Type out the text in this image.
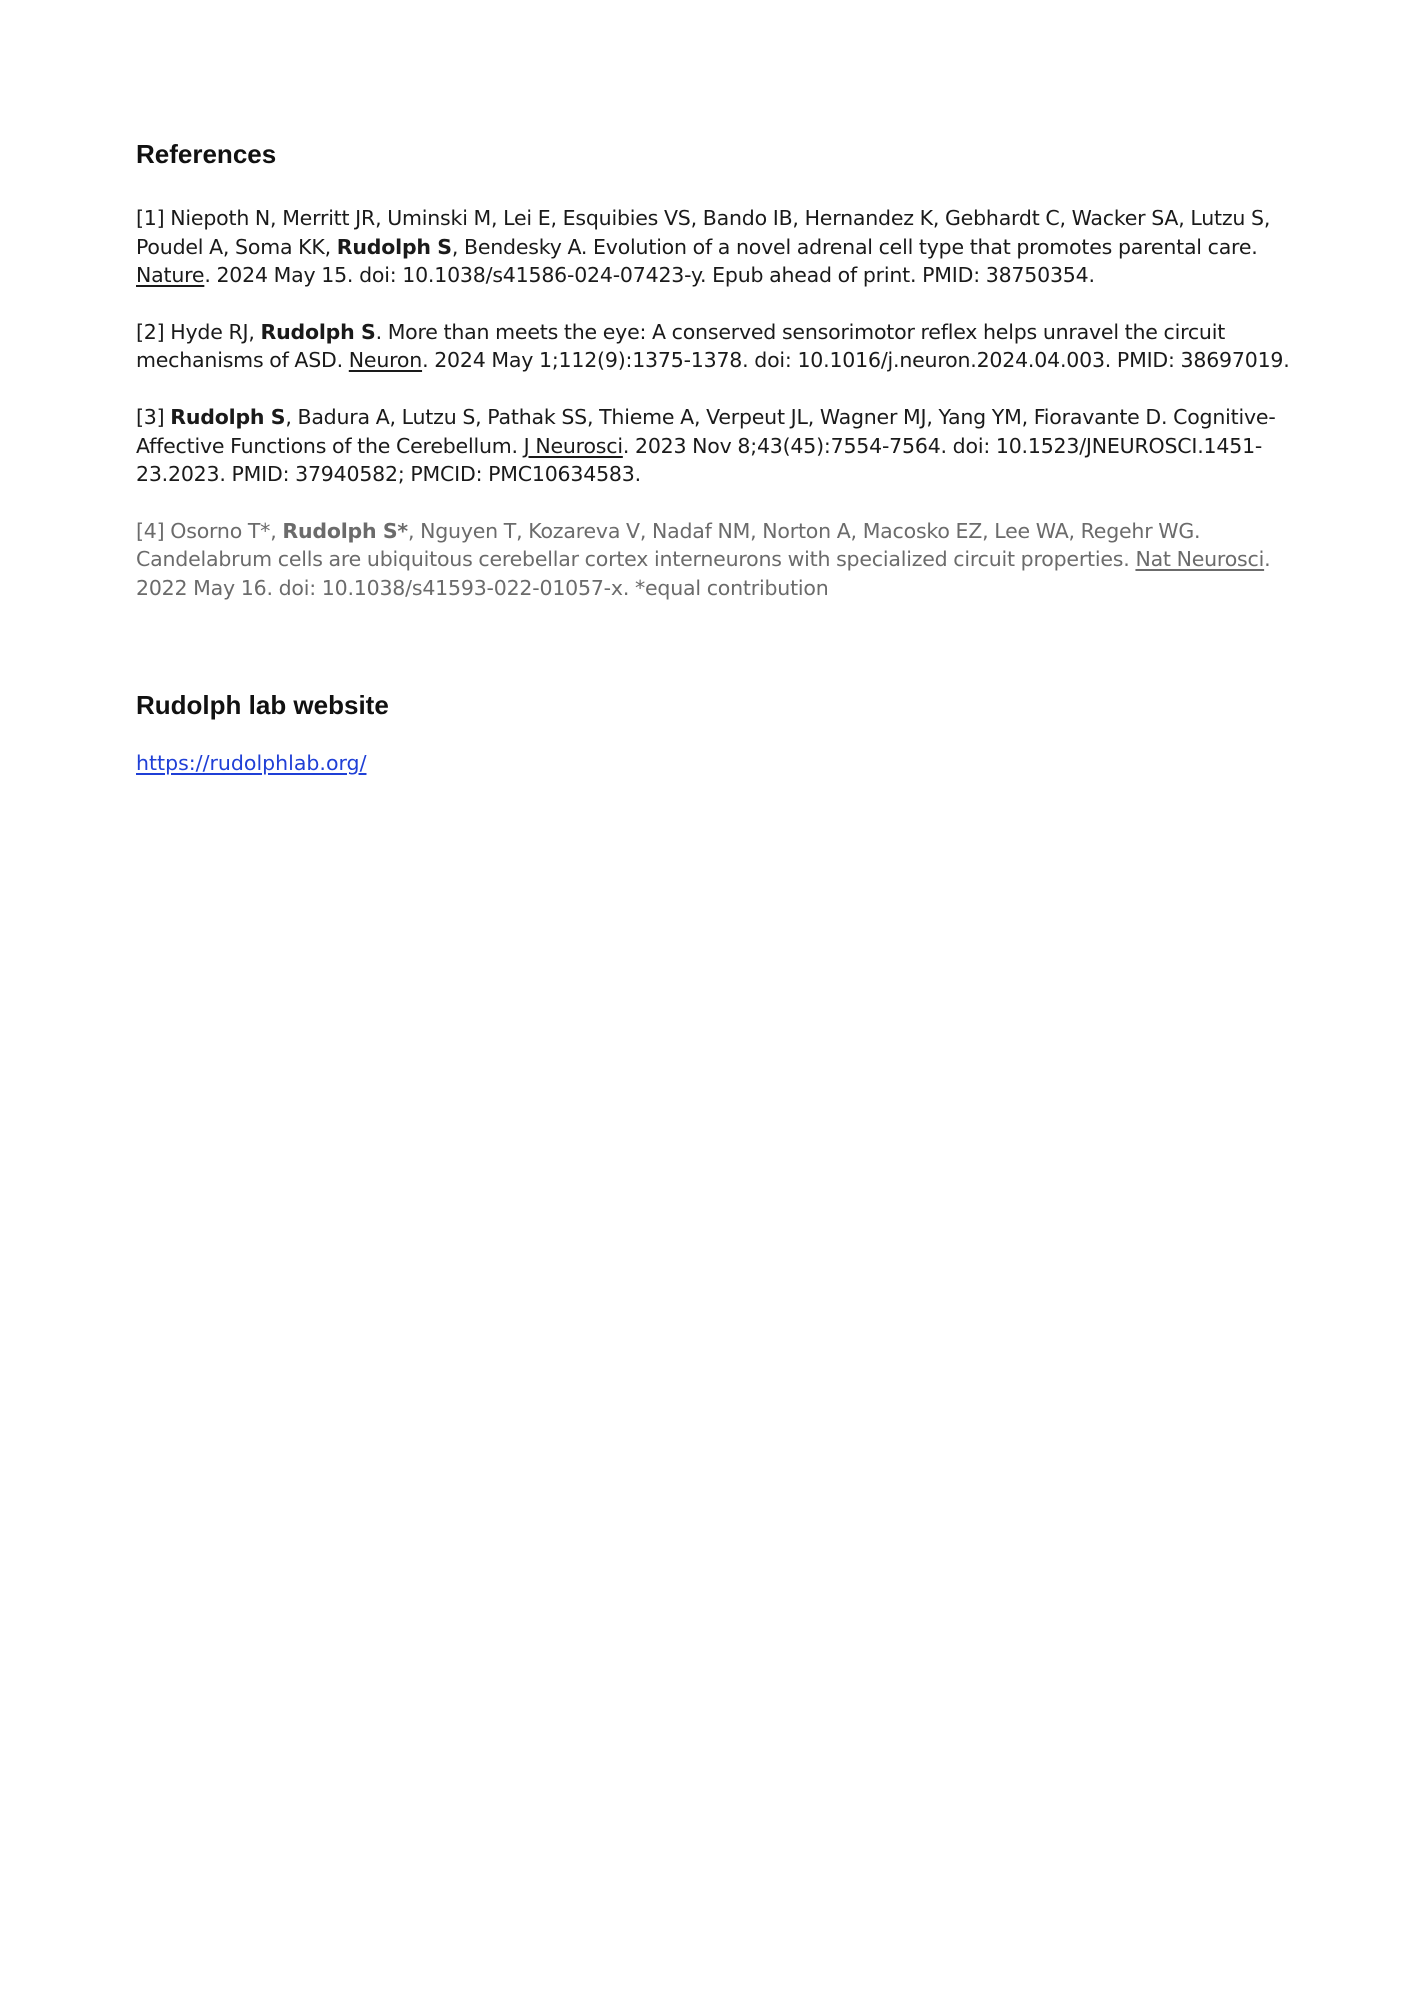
References

[1] Niepoth N, Merritt JR, Uminski M, Lei E, Esquibies VS, Bando IB, Hernandez K, Gebhardt C, Wacker SA, Lutzu S, Poudel A, Soma KK, Rudolph S, Bendesky A. Evolution of a novel adrenal cell type that promotes parental care. Nature. 2024 May 15. doi: 10.1038/s41586-024-07423-y. Epub ahead of print. PMID: 38750354.

[2] Hyde RJ, Rudolph S. More than meets the eye: A conserved sensorimotor reflex helps unravel the circuit mechanisms of ASD. Neuron. 2024 May 1;112(9):1375-1378. doi: 10.1016/j.neuron.2024.04.003. PMID: 38697019.

[3] Rudolph S, Badura A, Lutzu S, Pathak SS, Thieme A, Verpeut JL, Wagner MJ, Yang YM, Fioravante D. Cognitive-Affective Functions of the Cerebellum. J Neurosci. 2023 Nov 8;43(45):7554-7564. doi: 10.1523/JNEUROSCI.1451-23.2023. PMID: 37940582; PMCID: PMC10634583.

[4] Osorno T*, Rudolph S*, Nguyen T, Kozareva V, Nadaf NM, Norton A, Macosko EZ, Lee WA, Regehr WG. Candelabrum cells are ubiquitous cerebellar cortex interneurons with specialized circuit properties. Nat Neurosci. 2022 May 16. doi: 10.1038/s41593-022-01057-x. *equal contribution

Rudolph lab website
https://rudolphlab.org/
